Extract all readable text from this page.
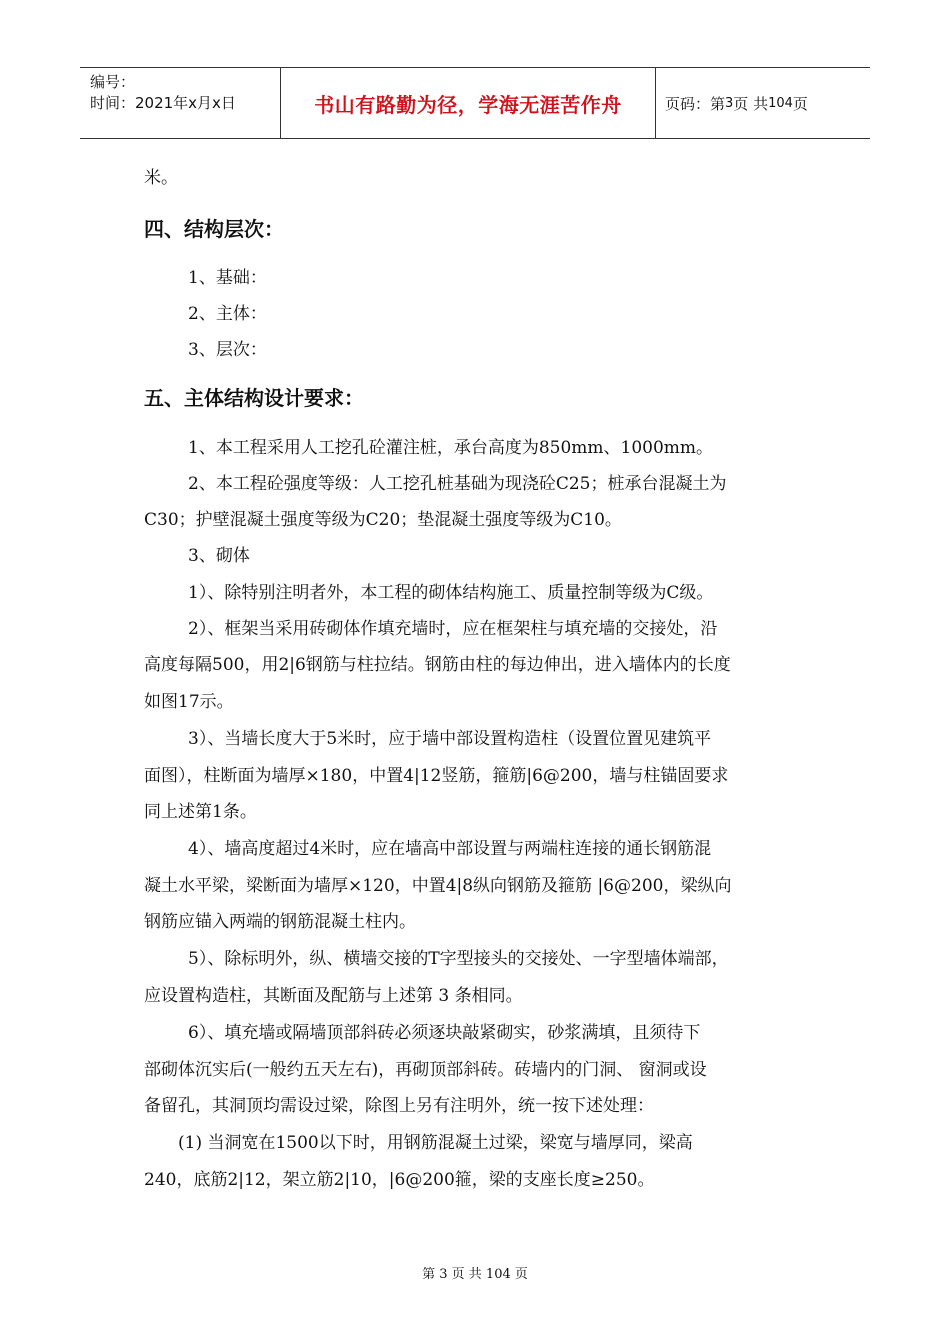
编号：
时间：2021年x月x日	书山有路勤为径，学海无涯苦作舟	页码：第 3 页 共 104 页
米。
四、结构层次：
1、基础：
2、主体：
3、层次：
五、主体结构设计要求：
1、本工程采用人工挖孔砼灌注桩，承台高度为850mm、1000mm。
2、本工程砼强度等级：人工挖孔桩基础为现浇砼C25；桩承台混凝土为
C30；护壁混凝土强度等级为C20；垫混凝土强度等级为C10。
3、砌体
1）、除特别注明者外，本工程的砌体结构施工、质量控制等级为C级。
2）、框架当采用砖砌体作填充墙时，应在框架柱与填充墙的交接处，沿
高度每隔500，用2|6钢筋与柱拉结。钢筋由柱的每边伸出，进入墙体内的长度
如图17示。
3）、当墙长度大于5米时，应于墙中部设置构造柱（设置位置见建筑平
面图），柱断面为墙厚×180，中置4|12竖筋，箍筋|6@200，墙与柱锚固要求
同上述第1条。
4）、墙高度超过4米时，应在墙高中部设置与两端柱连接的通长钢筋混
凝土水平梁，梁断面为墙厚×120，中置4|8纵向钢筋及箍筋 |6@200，梁纵向
钢筋应锚入两端的钢筋混凝土柱内。
5）、除标明外，纵、横墙交接的T字型接头的交接处、一字型墙体端部，
应设置构造柱，其断面及配筋与上述第 3 条相同。
6）、填充墙或隔墙顶部斜砖必须逐块敲紧砌实，砂浆满填，且须待下
部砌体沉实后(一般约五天左右)，再砌顶部斜砖。砖墙内的门洞、 窗洞或设
备留孔，其洞顶均需设过梁，除图上另有注明外，统一按下述处理：
(1) 当洞宽在1500以下时，用钢筋混凝土过梁，梁宽与墙厚同，梁高
240，底筋2|12，架立筋2|10，|6@200箍，梁的支座长度≥250。
第 3 页 共 104 页
